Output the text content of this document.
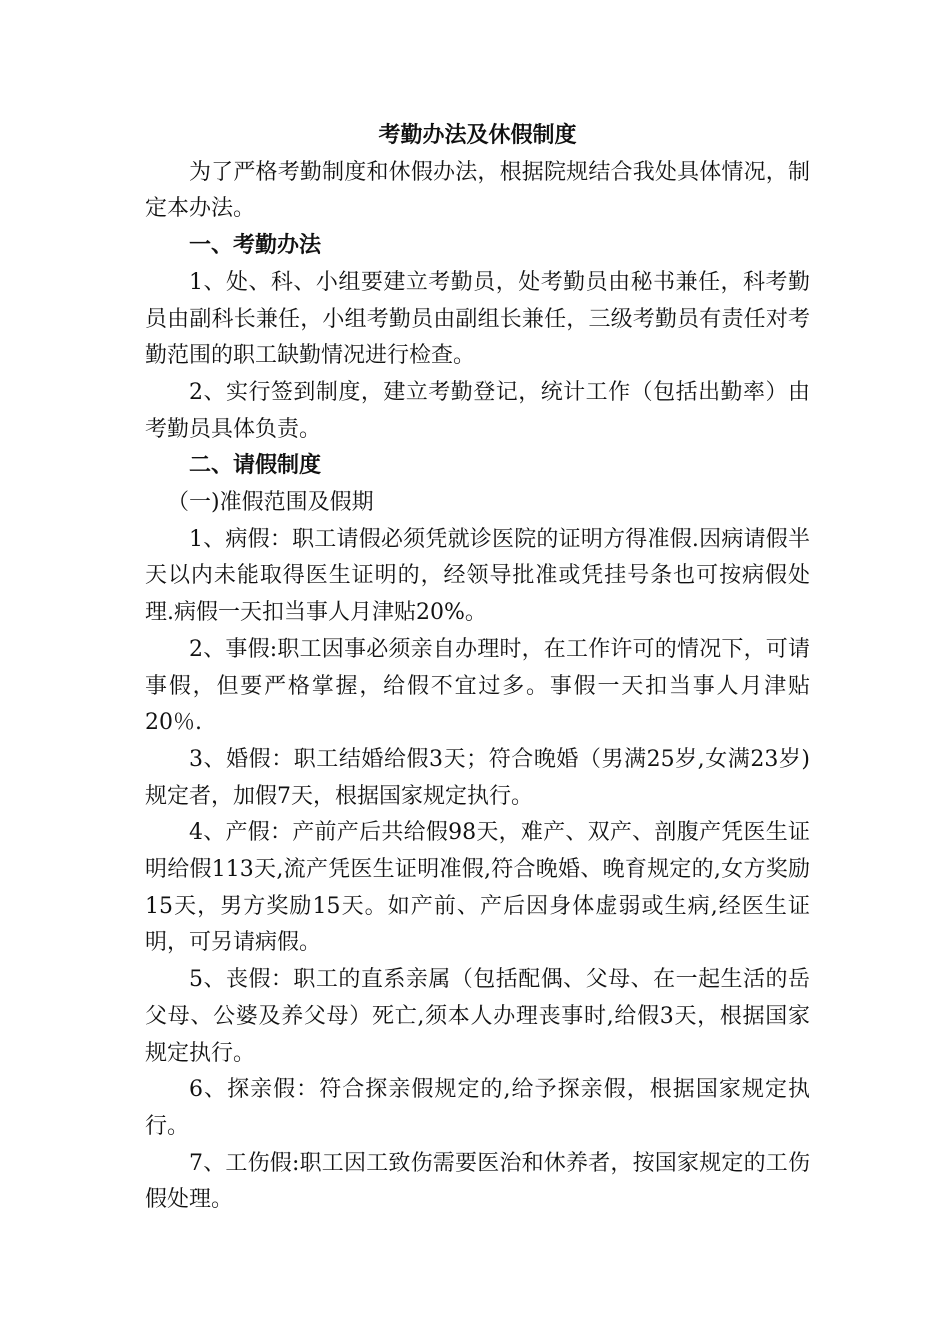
考勤办法及休假制度

为了严格考勤制度和休假办法，根据院规结合我处具体情况，制定本办法。

一、考勤办法

1、处、科、小组要建立考勤员，处考勤员由秘书兼任，科考勤员由副科长兼任，小组考勤员由副组长兼任，三级考勤员有责任对考勤范围的职工缺勤情况进行检查。

2、实行签到制度，建立考勤登记，统计工作（包括出勤率）由考勤员具体负责。

二、请假制度

（一)准假范围及假期

1、病假：职工请假必须凭就诊医院的证明方得准假.因病请假半天以内未能取得医生证明的，经领导批准或凭挂号条也可按病假处理.病假一天扣当事人月津贴20%。

2、事假:职工因事必须亲自办理时，在工作许可的情况下，可请事假，但要严格掌握，给假不宜过多。事假一天扣当事人月津贴20％.

3、婚假：职工结婚给假3天；符合晚婚（男满25岁,女满23岁)规定者，加假7天，根据国家规定执行。

4、产假：产前产后共给假98天，难产、双产、剖腹产凭医生证明给假113天,流产凭医生证明准假,符合晚婚、晚育规定的,女方奖励15天，男方奖励15天。如产前、产后因身体虚弱或生病,经医生证明，可另请病假。

5、丧假：职工的直系亲属（包括配偶、父母、在一起生活的岳父母、公婆及养父母）死亡,须本人办理丧事时,给假3天，根据国家规定执行。

6、探亲假：符合探亲假规定的,给予探亲假，根据国家规定执行。

7、工伤假:职工因工致伤需要医治和休养者，按国家规定的工伤假处理。
